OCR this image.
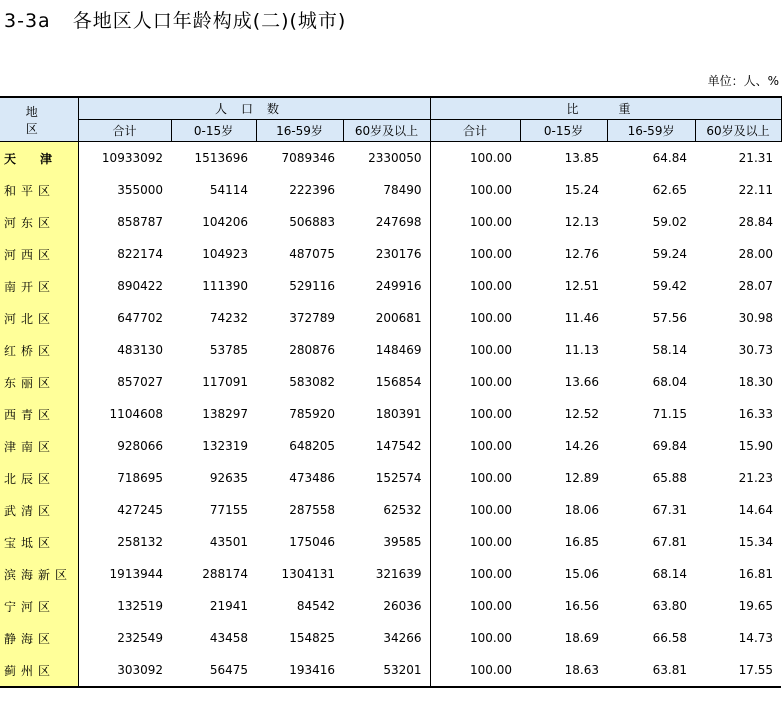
3-3a 各地区人口年龄构成(二)(城市)
单位：人、%
地　区	人口数				比　重			
	合计	0-15岁	16-59岁	60岁及以上	合计	0-15岁	16-59岁	60岁及以上
天　　津	10933092	1513696	7089346	2330050	100.00	13.85	64.84	21.31
和平区	355000	54114	222396	78490	100.00	15.24	62.65	22.11
河东区	858787	104206	506883	247698	100.00	12.13	59.02	28.84
河西区	822174	104923	487075	230176	100.00	12.76	59.24	28.00
南开区	890422	111390	529116	249916	100.00	12.51	59.42	28.07
河北区	647702	74232	372789	200681	100.00	11.46	57.56	30.98
红桥区	483130	53785	280876	148469	100.00	11.13	58.14	30.73
东丽区	857027	117091	583082	156854	100.00	13.66	68.04	18.30
西青区	1104608	138297	785920	180391	100.00	12.52	71.15	16.33
津南区	928066	132319	648205	147542	100.00	14.26	69.84	15.90
北辰区	718695	92635	473486	152574	100.00	12.89	65.88	21.23
武清区	427245	77155	287558	62532	100.00	18.06	67.31	14.64
宝坻区	258132	43501	175046	39585	100.00	16.85	67.81	15.34
滨海新区	1913944	288174	1304131	321639	100.00	15.06	68.14	16.81
宁河区	132519	21941	84542	26036	100.00	16.56	63.80	19.65
静海区	232549	43458	154825	34266	100.00	18.69	66.58	14.73
蓟州区	303092	56475	193416	53201	100.00	18.63	63.81	17.55
